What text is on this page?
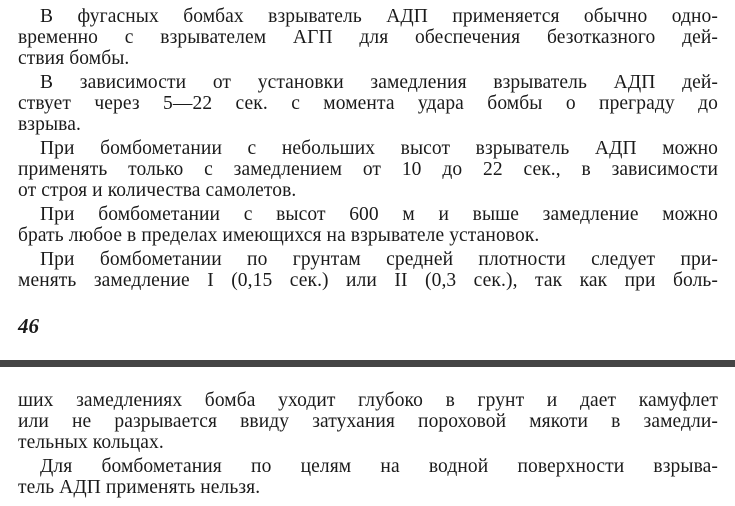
В фугасных бомбах взрыватель АДП применяется обычно одно-
временно с взрывателем АГП для обеспечения безотказного дей-
ствия бомбы.
В зависимости от установки замедления взрыватель АДП дей-
ствует через 5—22 сек. с момента удара бомбы о преграду до
взрыва.
При бомбометании с небольших высот взрыватель АДП можно
применять только с замедлением от 10 до 22 сек., в зависимости
от строя и количества самолетов.
При бомбометании с высот 600 м и выше замедление можно
брать любое в пределах имеющихся на взрывателе установок.
При бомбометании по грунтам средней плотности следует при-
менять замедление I (0,15 сек.) или II (0,3 сек.), так как при боль-
46
ших замедлениях бомба уходит глубоко в грунт и дает камуфлет
или не разрывается ввиду затухания пороховой мякоти в замедли-
тельных кольцах.
Для бомбометания по целям на водной поверхности взрыва-
тель АДП применять нельзя.
